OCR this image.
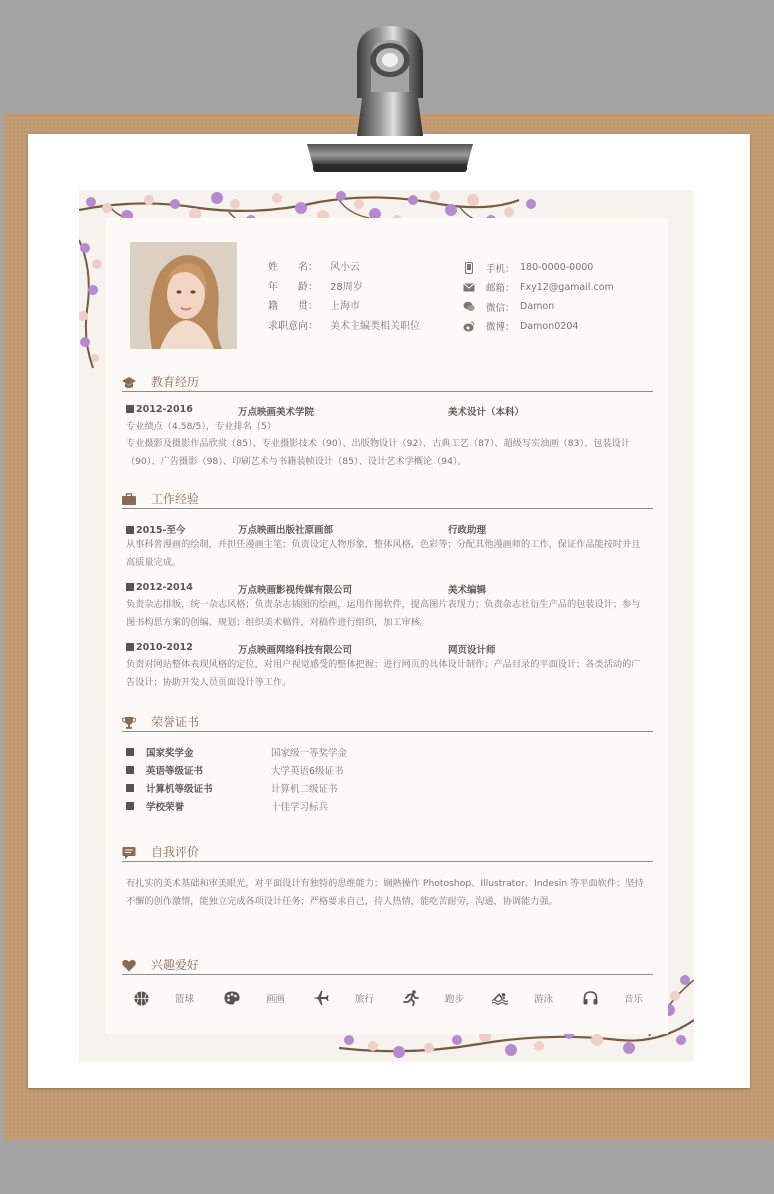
姓　　名：	风小云
年　　龄：	28周岁
籍　　贯：	上海市
求职意向：	美术主编类相关职位
手机： 180-0000-0000
邮箱： Fxy12@gamail.com
微信： Damon
微博： Damon0204
教育经历
2012-2016	万点映画美术学院	美术设计（本科）
专业绩点（4.58/5），专业排名（5）
专业摄影及摄影作品欣赏（85）、专业摄影技术（90）、出版物设计（92）、古典工艺（87）、超级写实油画（83）、包装设计（90）、广告摄影（98）、印刷艺术与书籍装帧设计（85）、设计艺术学概论（94）。
工作经验
2015-至今	万点映画出版社原画部	行政助理
从事科普漫画的绘制，并担任漫画主笔；负责设定人物形象，整体风格，色彩等；分配其他漫画师的工作，保证作品能按时并且高质量完成。
2012-2014	万点映画影视传媒有限公司	美术编辑
负责杂志排版，统一杂志风格；负责杂志插图的绘画，运用作图软件，提高图片表现力；负责杂志社衍生产品的包装设计；参与图书构思方案的创编、规划；组织美术稿件，对稿件进行组织，加工审核。
2010-2012	万点映画网络科技有限公司	网页设计师
负责对网站整体表现风格的定位，对用户视觉感受的整体把握；进行网页的具体设计制作；产品目录的平面设计；各类活动的广告设计；协助开发人员页面设计等工作。
荣誉证书
国家奖学金	国家级一等奖学金
英语等级证书	大学英语6级证书
计算机等级证书	计算机二级证书
学校荣誉	十佳学习标兵
自我评价
有扎实的美术基础和审美眼光，对平面设计有独特的思维能力；娴熟操作 Photoshop、Illustrator、Indesin 等平面软件；坚持不懈的创作激情，能独立完成各项设计任务；严格要求自己，待人热情，能吃苦耐劳，沟通，协调能力强。
兴趣爱好
篮球	画画	旅行	跑步	游泳	音乐
